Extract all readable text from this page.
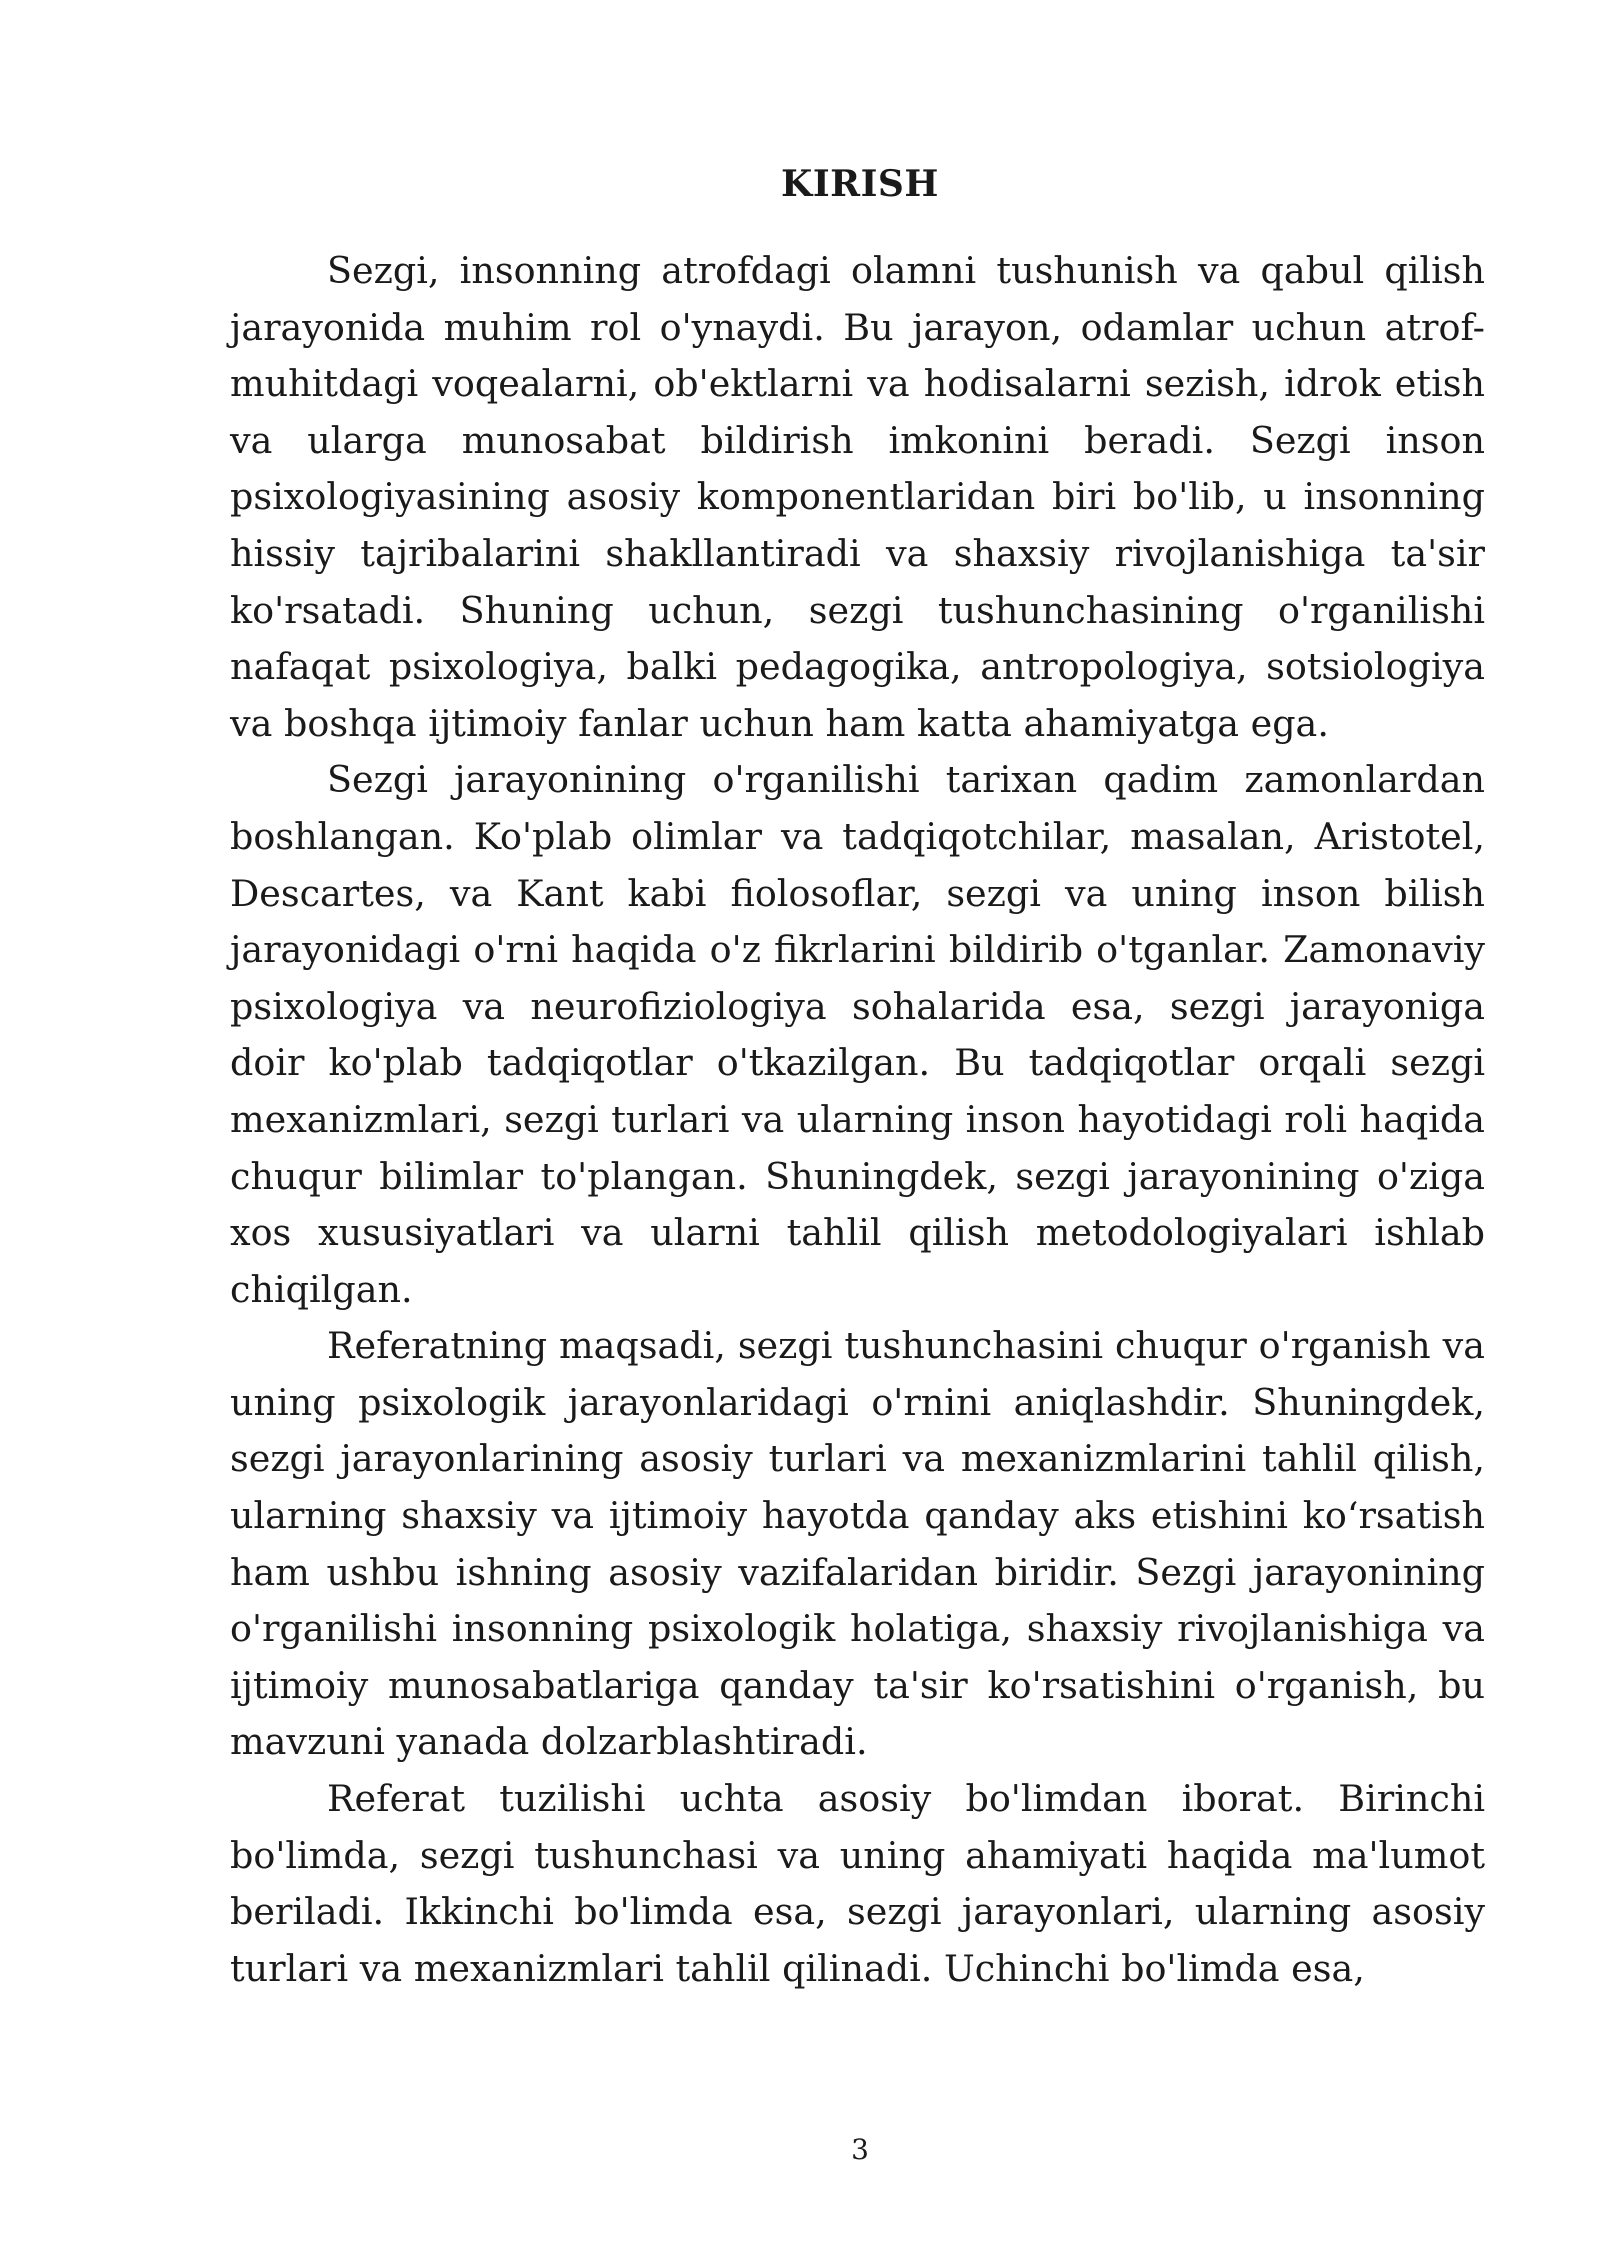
KIRISH

Sezgi, insonning atrofdagi olamni tushunish va qabul qilish jarayonida muhim rol o'ynaydi. Bu jarayon, odamlar uchun atrof-muhitdagi voqealarni, ob'ektlarni va hodisalarni sezish, idrok etish va ularga munosabat bildirish imkonini beradi. Sezgi inson psixologiyasining asosiy komponentlaridan biri bo'lib, u insonning hissiy tajribalarini shakllantiradi va shaxsiy rivojlanishiga ta'sir ko'rsatadi. Shuning uchun, sezgi tushunchasining o'rganilishi nafaqat psixologiya, balki pedagogika, antropologiya, sotsiologiya va boshqa ijtimoiy fanlar uchun ham katta ahamiyatga ega.

Sezgi jarayonining o'rganilishi tarixan qadim zamonlardan boshlangan. Ko'plab olimlar va tadqiqotchilar, masalan, Aristotel, Descartes, va Kant kabi fiolosoflar, sezgi va uning inson bilish jarayonidagi o'rni haqida o'z fikrlarini bildirib o'tganlar. Zamonaviy psixologiya va neurofiziologiya sohalarida esa, sezgi jarayoniga doir ko'plab tadqiqotlar o'tkazilgan. Bu tadqiqotlar orqali sezgi mexanizmlari, sezgi turlari va ularning inson hayotidagi roli haqida chuqur bilimlar to'plangan. Shuningdek, sezgi jarayonining o'ziga xos xususiyatlari va ularni tahlil qilish metodologiyalari ishlab chiqilgan.

Referatning maqsadi, sezgi tushunchasini chuqur o'rganish va uning psixologik jarayonlaridagi o'rnini aniqlashdir. Shuningdek, sezgi jarayonlarining asosiy turlari va mexanizmlarini tahlil qilish, ularning shaxsiy va ijtimoiy hayotda qanday aks etishini ko‘rsatish ham ushbu ishning asosiy vazifalaridan biridir. Sezgi jarayonining o'rganilishi insonning psixologik holatiga, shaxsiy rivojlanishiga va ijtimoiy munosabatlariga qanday ta'sir ko'rsatishini o'rganish, bu mavzuni yanada dolzarblashtiradi.

Referat tuzilishi uchta asosiy bo'limdan iborat. Birinchi bo'limda, sezgi tushunchasi va uning ahamiyati haqida ma'lumot beriladi. Ikkinchi bo'limda esa, sezgi jarayonlari, ularning asosiy turlari va mexanizmlari tahlil qilinadi. Uchinchi bo'limda esa,

3
